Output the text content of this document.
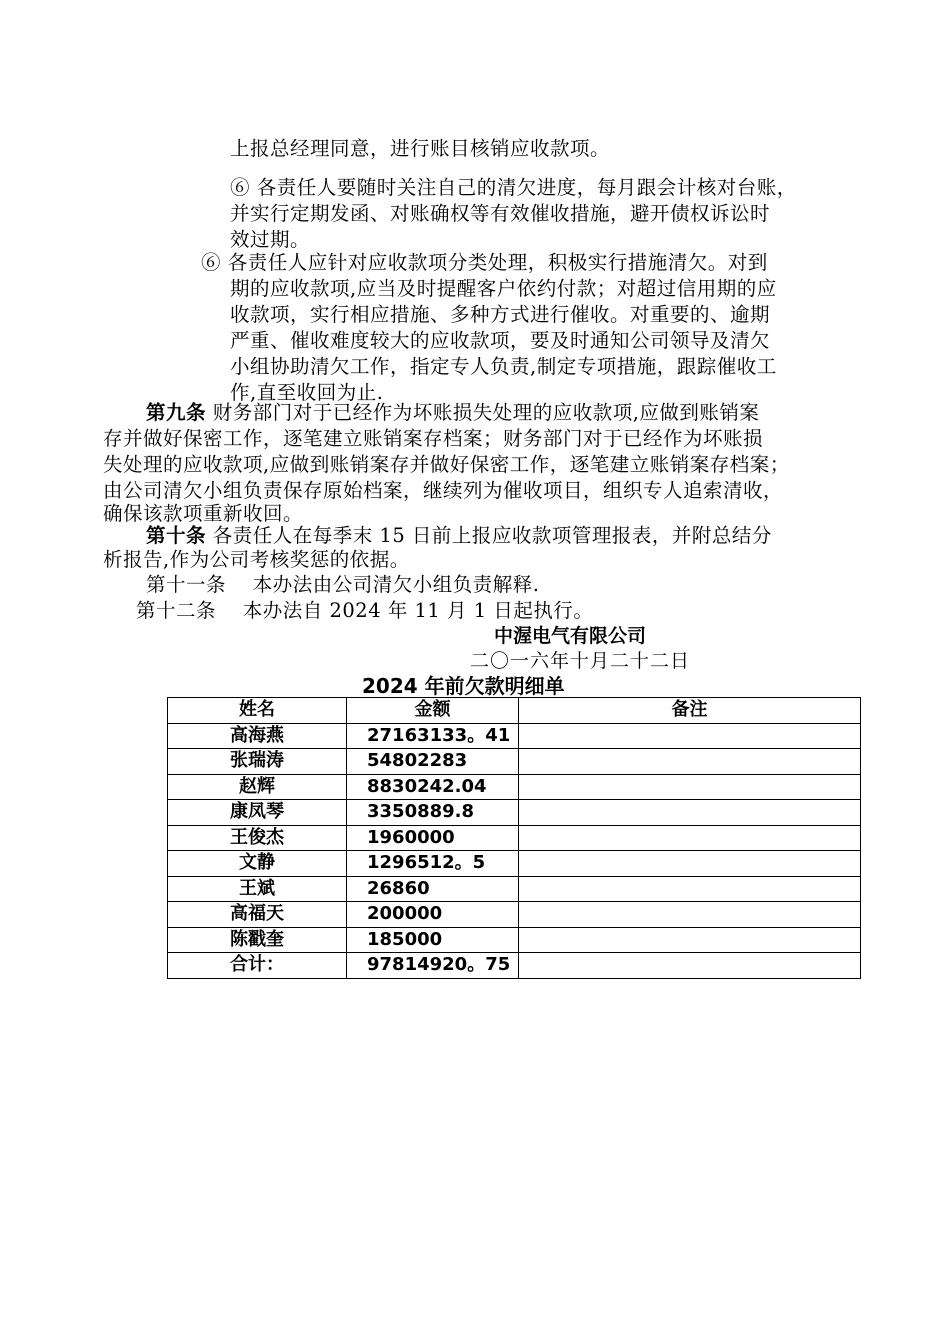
上报总经理同意，进行账目核销应收款项。
⑥ 各责任人要随时关注自己的清欠进度，每月跟会计核对台账，
并实行定期发函、对账确权等有效催收措施，避开债权诉讼时
效过期。
⑥ 各责任人应针对应收款项分类处理，积极实行措施清欠。对到
期的应收款项,应当及时提醒客户依约付款；对超过信用期的应
收款项，实行相应措施、多种方式进行催收。对重要的、逾期
严重、催收难度较大的应收款项，要及时通知公司领导及清欠
小组协助清欠工作，指定专人负责,制定专项措施，跟踪催收工
作,直至收回为止.
第九条 财务部门对于已经作为坏账损失处理的应收款项,应做到账销案
存并做好保密工作，逐笔建立账销案存档案；财务部门对于已经作为坏账损
失处理的应收款项,应做到账销案存并做好保密工作，逐笔建立账销案存档案；
由公司清欠小组负责保存原始档案，继续列为催收项目，组织专人追索清收，
确保该款项重新收回。
第十条 各责任人在每季末 15 日前上报应收款项管理报表，并附总结分
析报告,作为公司考核奖惩的依据。
第十一条    本办法由公司清欠小组负责解释.
第十二条    本办法自 2024 年 11 月 1 日起执行。
中渥电气有限公司
二〇一六年十月二十二日
2024 年前欠款明细单
姓名	金额	备注
高海燕	27163133。41	
张瑞涛	54802283	
赵辉	8830242.04	
康凤琴	3350889.8	
王俊杰	1960000	
文静	1296512。5	
王斌	26860	
高福天	200000	
陈戳奎	185000	
合计：	97814920。75	
